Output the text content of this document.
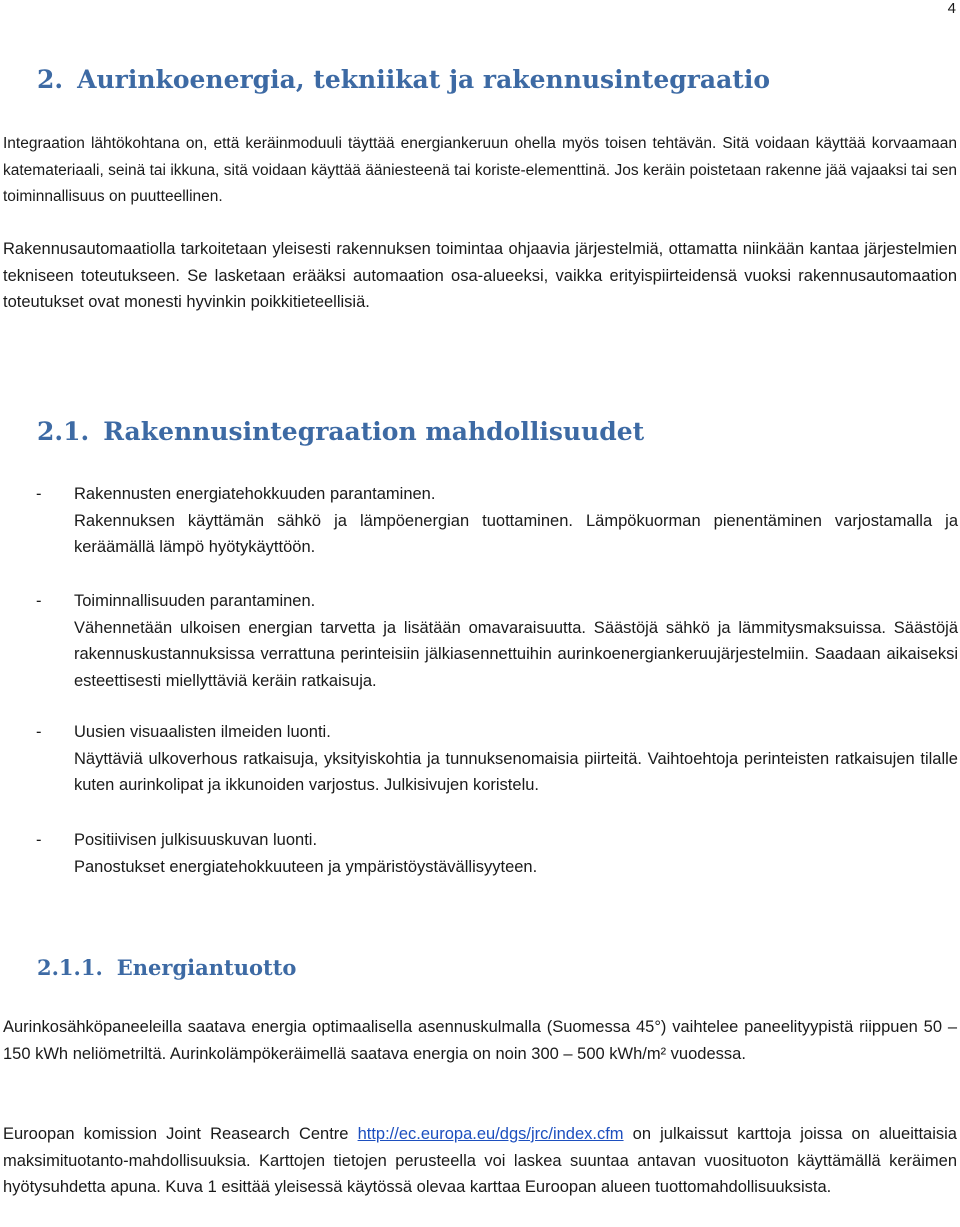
4
2. Aurinkoenergia, tekniikat ja rakennusintegraatio

Integraation lähtökohtana on, että keräinmoduuli täyttää energiankeruun ohella myös toisen tehtävän. Sitä voidaan käyttää korvaamaan katemateriaali, seinä tai ikkuna, sitä voidaan käyttää ääniesteenä tai koriste-elementtinä. Jos keräin poistetaan rakenne jää vajaaksi tai sen toiminnallisuus on puutteellinen.

Rakennusautomaatiolla tarkoitetaan yleisesti rakennuksen toimintaa ohjaavia järjestelmiä, ottamatta niinkään kantaa järjestelmien tekniseen toteutukseen. Se lasketaan erääksi automaation osa-alueeksi, vaikka erityispiirteidensä vuoksi rakennusautomaation toteutukset ovat monesti hyvinkin poikkitieteellisiä.

2.1. Rakennusintegraation mahdollisuudet
- Rakennusten energiatehokkuuden parantaminen.
Rakennuksen käyttämän sähkö ja lämpöenergian tuottaminen. Lämpökuorman pienentäminen varjostamalla ja keräämällä lämpö hyötykäyttöön.
- Toiminnallisuuden parantaminen.
Vähennetään ulkoisen energian tarvetta ja lisätään omavaraisuutta. Säästöjä sähkö ja lämmitysmaksuissa. Säästöjä rakennuskustannuksissa verrattuna perinteisiin jälkiasennettuihin aurinkoenergiankeruujärjestelmiin. Saadaan aikaiseksi esteettisesti miellyttäviä keräin ratkaisuja.
- Uusien visuaalisten ilmeiden luonti.
Näyttäviä ulkoverhous ratkaisuja, yksityiskohtia ja tunnuksenomaisia piirteitä. Vaihtoehtoja perinteisten ratkaisujen tilalle kuten aurinkolipat ja ikkunoiden varjostus. Julkisivujen koristelu.
- Positiivisen julkisuuskuvan luonti.
Panostukset energiatehokkuuteen ja ympäristöystävällisyyteen.
2.1.1. Energiantuotto

Aurinkosähköpaneeleilla saatava energia optimaalisella asennuskulmalla (Suomessa 45°) vaihtelee paneelityypistä riippuen 50 – 150 kWh neliömetriltä. Aurinkolämpökeräimellä saatava energia on noin 300 – 500 kWh/m² vuodessa.

Euroopan komission Joint Reasearch Centre http://ec.europa.eu/dgs/jrc/index.cfm on julkaissut karttoja joissa on alueittaisia maksimituotanto-mahdollisuuksia. Karttojen tietojen perusteella voi laskea suuntaa antavan vuosituoton käyttämällä keräimen hyötysuhdetta apuna. Kuva 1 esittää yleisessä käytössä olevaa karttaa Euroopan alueen tuottomahdollisuuksista.
